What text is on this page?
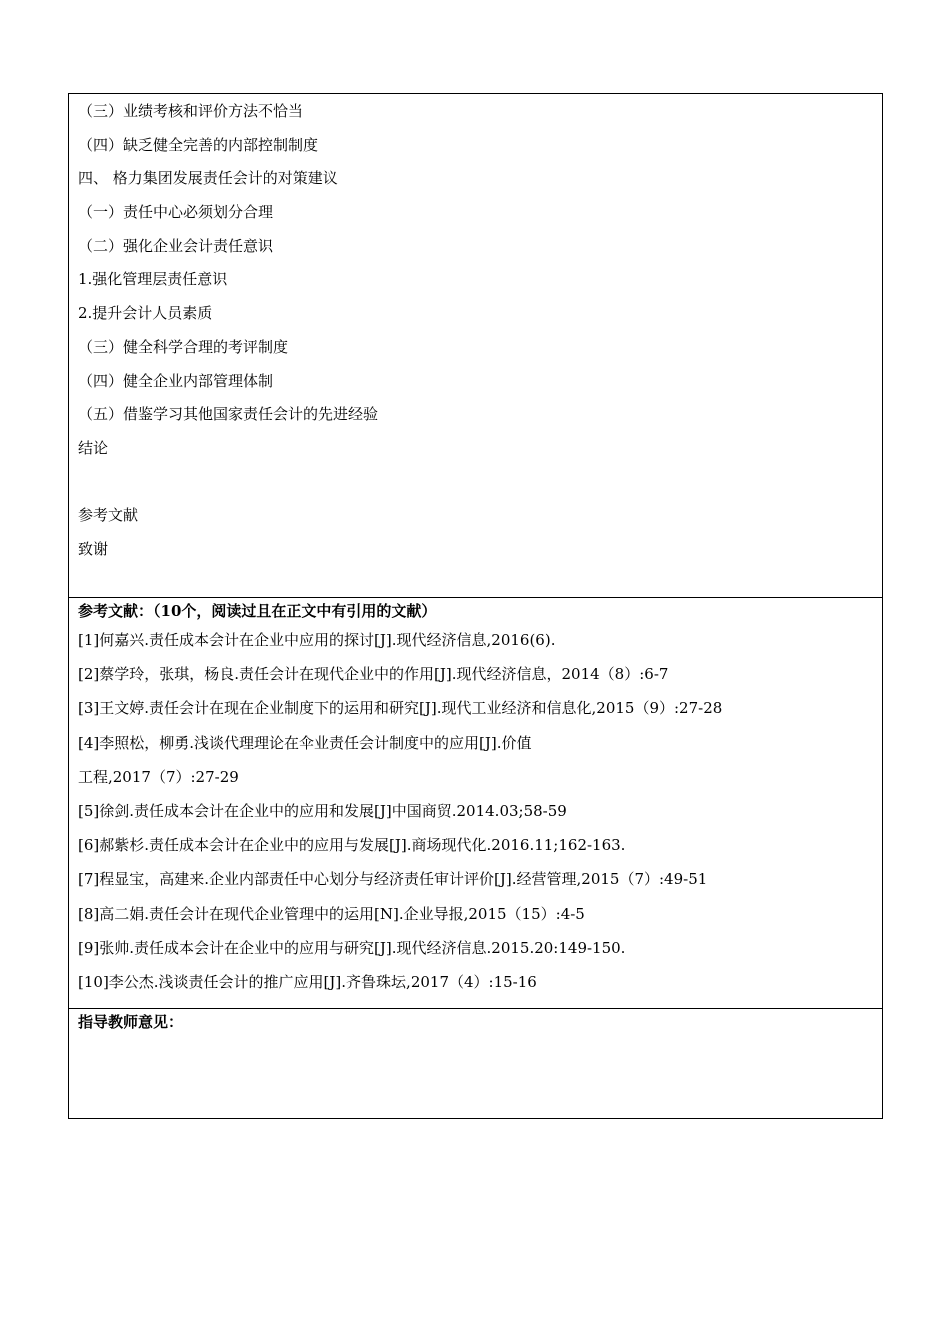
（三）业绩考核和评价方法不恰当
（四）缺乏健全完善的内部控制制度
四、 格力集团发展责任会计的对策建议
（一）责任中心必须划分合理
（二）强化企业会计责任意识
1.强化管理层责任意识
2.提升会计人员素质
（三）健全科学合理的考评制度
（四）健全企业内部管理体制
（五）借鉴学习其他国家责任会计的先进经验
结论
参考文献
致谢
参考文献：（10个，阅读过且在正文中有引用的文献）
[1]何嘉兴.责任成本会计在企业中应用的探讨[J].现代经济信息,2016(6).
[2]蔡学玲，张琪，杨良.责任会计在现代企业中的作用[J].现代经济信息，2014（8）:6-7
[3]王文婷.责任会计在现在企业制度下的运用和研究[J].现代工业经济和信息化,2015（9）:27-28
[4]李照松，柳勇.浅谈代理理论在伞业责任会计制度中的应用[J].价值
工程,2017（7）:27-29
[5]徐剑.责任成本会计在企业中的应用和发展[J]中国商贸.2014.03;58-59
[6]郝紫杉.责任成本会计在企业中的应用与发展[J].商场现代化.2016.11;162-163.
[7]程显宝，高建来.企业内部责任中心划分与经济责任审计评价[J].经营管理,2015（7）:49-51
[8]高二娟.责任会计在现代企业管理中的运用[N].企业导报,2015（15）:4-5
[9]张帅.责任成本会计在企业中的应用与研究[J].现代经济信息.2015.20:149-150.
[10]李公杰.浅谈责任会计的推广应用[J].齐鲁珠坛,2017（4）:15-16
指导教师意见：
